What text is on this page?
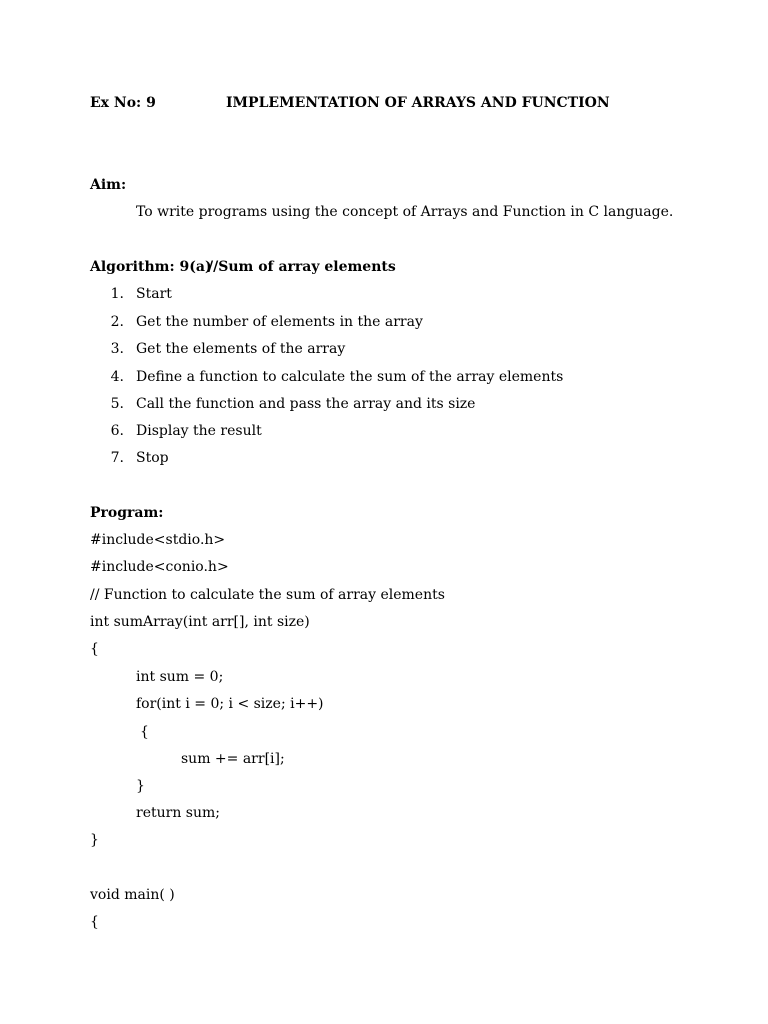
Ex No: 9	IMPLEMENTATION OF ARRAYS AND FUNCTION
Aim:
To write programs using the concept of Arrays and Function in C language.
Algorithm: 9(a)
//Sum of array elements
1. Start
2. Get the number of elements in the array
3. Get the elements of the array
4. Define a function to calculate the sum of the array elements
5. Call the function and pass the array and its size
6. Display the result
7. Stop
Program:
#include<stdio.h>
#include<conio.h>
// Function to calculate the sum of array elements
int sumArray(int arr[], int size)
{
int sum = 0;
for(int i = 0; i < size; i++)
{
sum += arr[i];
}
return sum;
}
void main( )
{
